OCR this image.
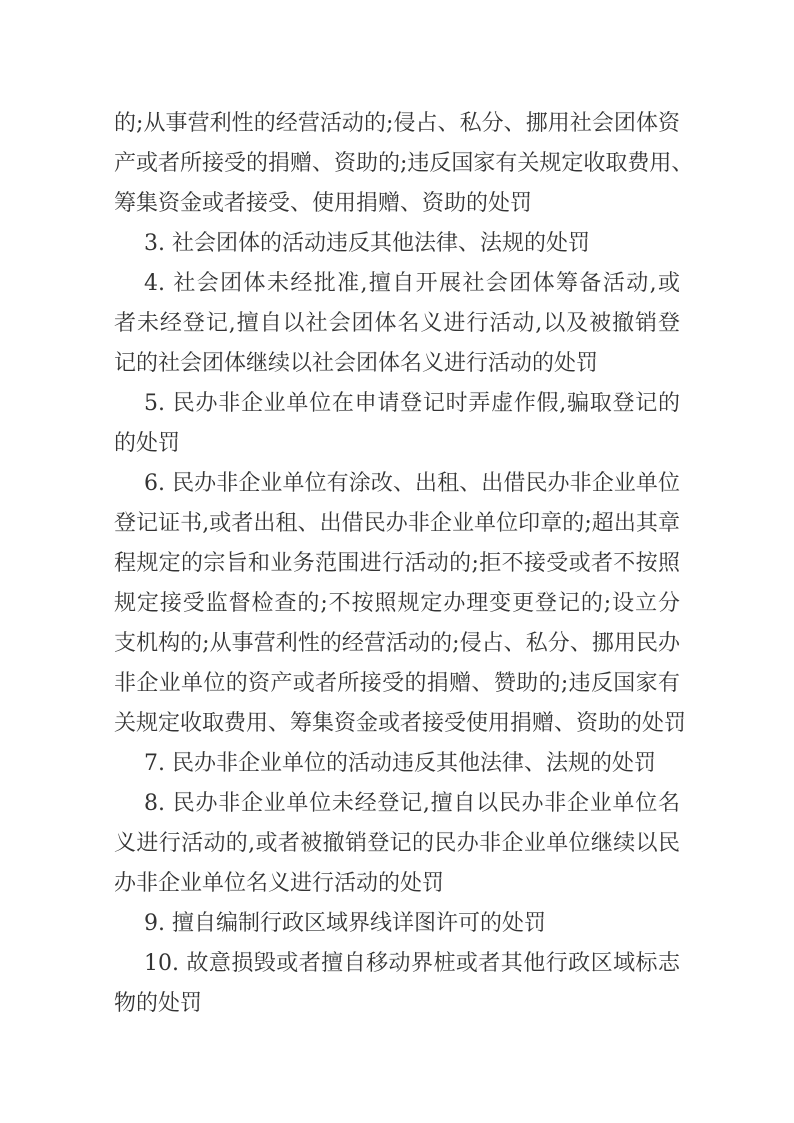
的;从事营利性的经营活动的;侵占、私分、挪用社会团体资
产或者所接受的捐赠、资助的;违反国家有关规定收取费用、
筹集资金或者接受、使用捐赠、资助的处罚
3. 社会团体的活动违反其他法律、法规的处罚
4. 社会团体未经批准,擅自开展社会团体筹备活动,或
者未经登记,擅自以社会团体名义进行活动,以及被撤销登
记的社会团体继续以社会团体名义进行活动的处罚
5. 民办非企业单位在申请登记时弄虚作假,骗取登记的
的处罚
6. 民办非企业单位有涂改、出租、出借民办非企业单位
登记证书,或者出租、出借民办非企业单位印章的;超出其章
程规定的宗旨和业务范围进行活动的;拒不接受或者不按照
规定接受监督检查的;不按照规定办理变更登记的;设立分
支机构的;从事营利性的经营活动的;侵占、私分、挪用民办
非企业单位的资产或者所接受的捐赠、赞助的;违反国家有
关规定收取费用、筹集资金或者接受使用捐赠、资助的处罚
7. 民办非企业单位的活动违反其他法律、法规的处罚
8. 民办非企业单位未经登记,擅自以民办非企业单位名
义进行活动的,或者被撤销登记的民办非企业单位继续以民
办非企业单位名义进行活动的处罚
9. 擅自编制行政区域界线详图许可的处罚
10. 故意损毁或者擅自移动界桩或者其他行政区域标志
物的处罚
